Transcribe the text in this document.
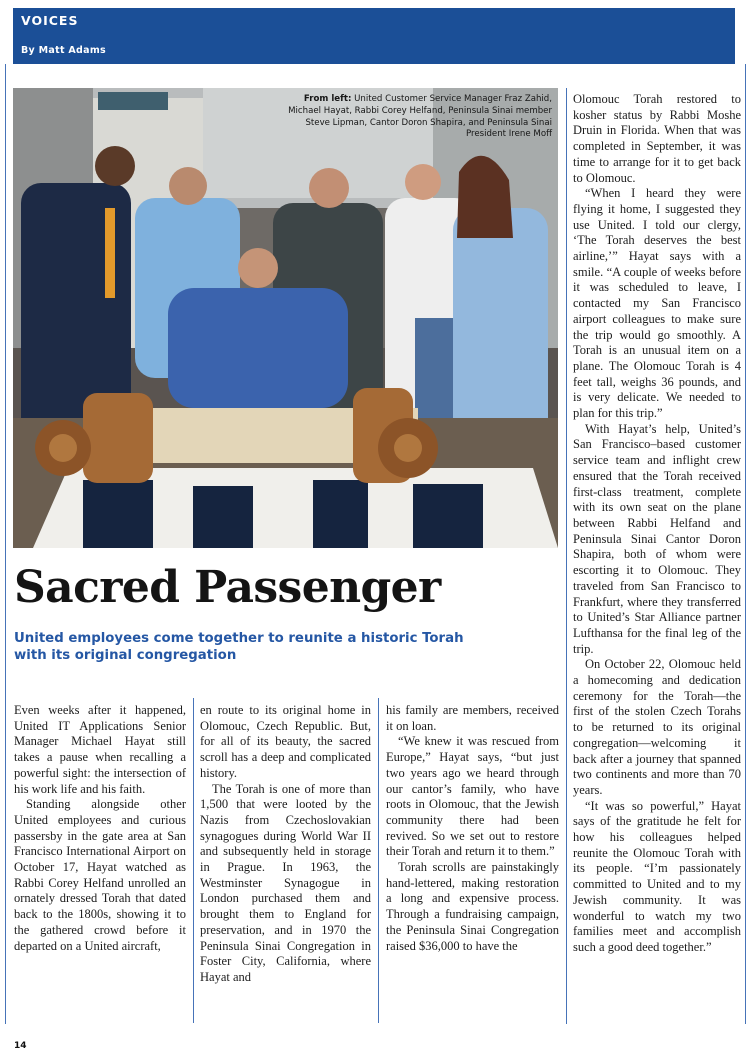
VOICES
By Matt Adams
From left: United Customer Service Manager Fraz Zahid, Michael Hayat, Rabbi Corey Helfand, Peninsula Sinai member Steve Lipman, Cantor Doron Shapira, and Peninsula Sinai President Irene Moff
Sacred Passenger

United employees come together to reunite a historic Torah with its original congregation

Even weeks after it happened, United IT Applications Senior Manager Michael Hayat still takes a pause when recalling a powerful sight: the intersection of his work life and his faith.

Standing alongside other United employees and curious passersby in the gate area at San Francisco International Airport on October 17, Hayat watched as Rabbi Corey Helfand unrolled an ornately dressed Torah that dated back to the 1800s, showing it to the gathered crowd before it departed on a United aircraft,

en route to its original home in Olomouc, Czech Republic. But, for all of its beauty, the sacred scroll has a deep and complicated history.

The Torah is one of more than 1,500 that were looted by the Nazis from Czechoslovakian synagogues during World War II and subsequently held in storage in Prague. In 1963, the Westminster Synagogue in London purchased them and brought them to England for preservation, and in 1970 the Peninsula Sinai Congregation in Foster City, California, where Hayat and

his family are members, received it on loan.

“We knew it was rescued from Europe,” Hayat says, “but just two years ago we heard through our cantor’s family, who have roots in Olomouc, that the Jewish community there had been revived. So we set out to restore their Torah and return it to them.”

Torah scrolls are painstakingly hand-lettered, making restoration a long and expensive process. Through a fundraising campaign, the Peninsula Sinai Congregation raised $36,000 to have the

Olomouc Torah restored to kosher status by Rabbi Moshe Druin in Florida. When that was completed in September, it was time to arrange for it to get back to Olomouc.

“When I heard they were flying it home, I suggested they use United. I told our clergy, ‘The Torah deserves the best airline,’” Hayat says with a smile. “A couple of weeks before it was scheduled to leave, I contacted my San Francisco airport colleagues to make sure the trip would go smoothly. A Torah is an unusual item on a plane. The Olomouc Torah is 4 feet tall, weighs 36 pounds, and is very delicate. We needed to plan for this trip.”

With Hayat’s help, United’s San Francisco–based customer service team and inflight crew ensured that the Torah received first-class treatment, complete with its own seat on the plane between Rabbi Helfand and Peninsula Sinai Cantor Doron Shapira, both of whom were escorting it to Olomouc. They traveled from San Francisco to Frankfurt, where they transferred to United’s Star Alliance partner Lufthansa for the final leg of the trip.

On October 22, Olomouc held a homecoming and dedication ceremony for the Torah—the first of the stolen Czech Torahs to be returned to its original congregation—welcoming it back after a journey that spanned two continents and more than 70 years.

“It was so powerful,” Hayat says of the gratitude he felt for how his colleagues helped reunite the Olomouc Torah with its people. “I’m passionately committed to United and to my Jewish community. It was wonderful to watch my two families meet and accomplish such a good deed together.”

14
